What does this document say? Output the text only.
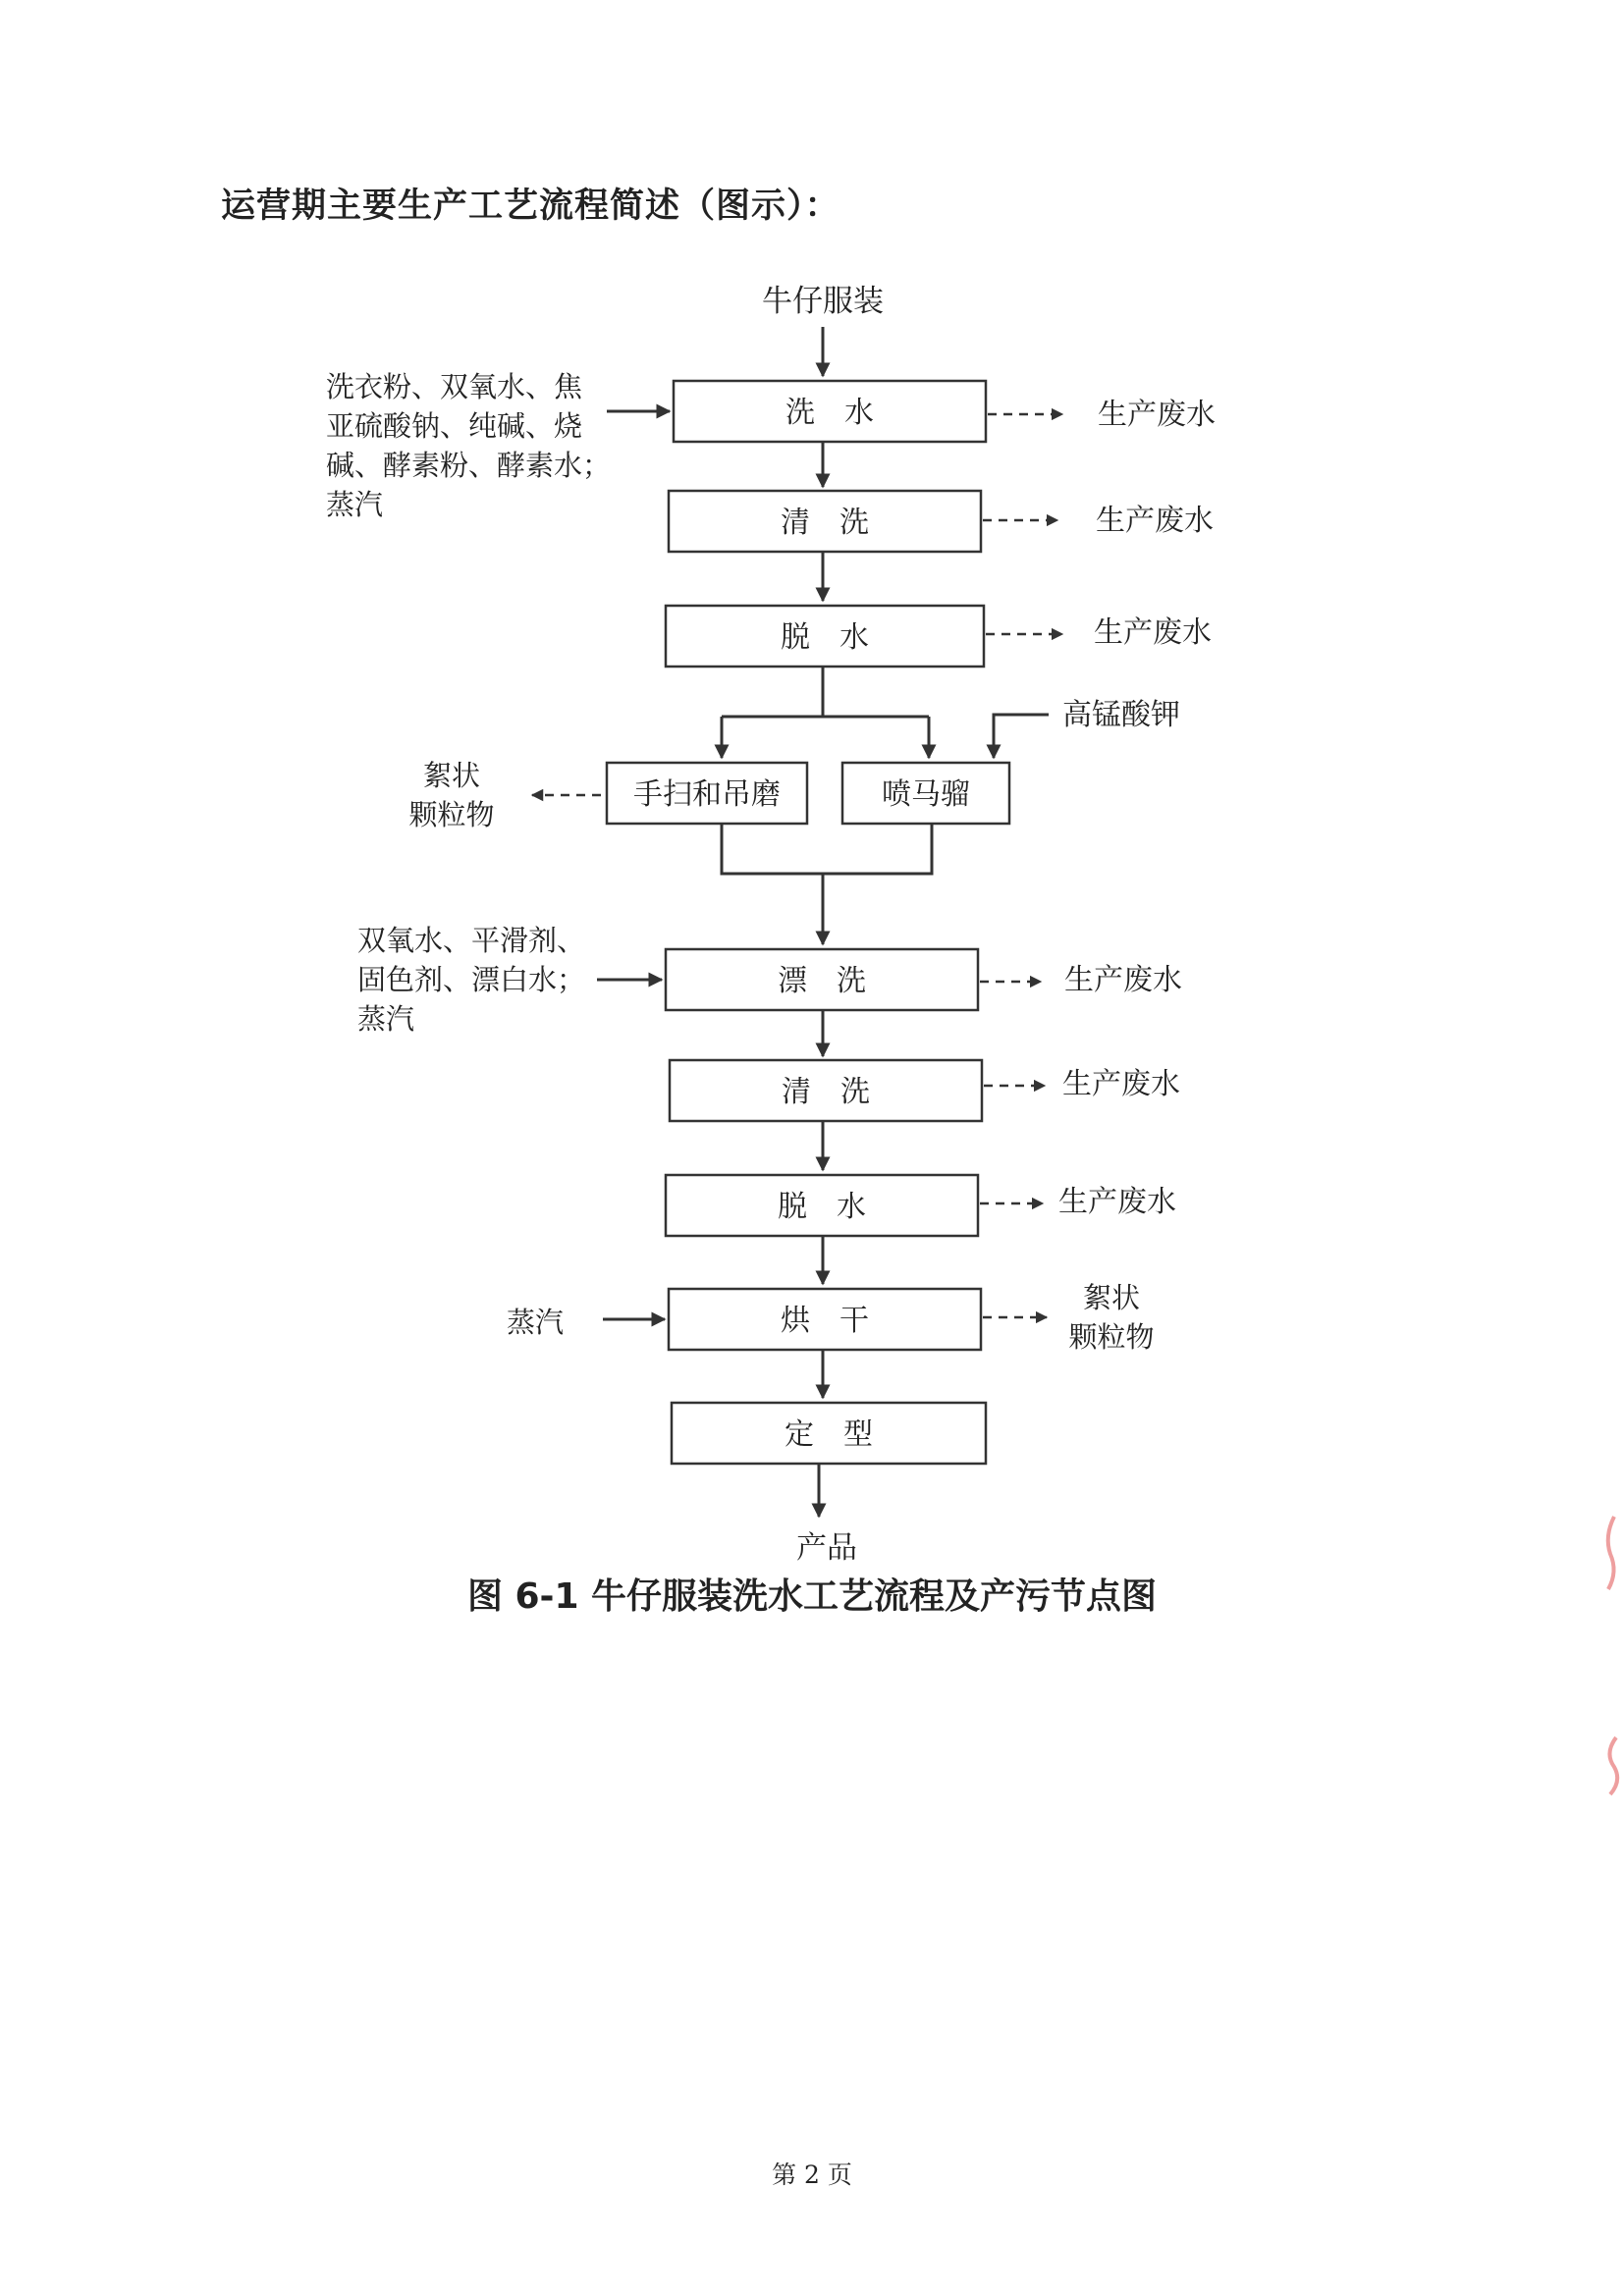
运营期主要生产工艺流程简述（图示）：
牛仔服装
洗　水
洗衣粉、双氧水、焦
亚硫酸钠、纯碱、烧
碱、酵素粉、酵素水；
蒸汽
生产废水
清　洗	生产废水
脱　水	生产废水
手扫和吊磨
絮状
颗粒物
喷马骝
高锰酸钾
漂　洗
双氧水、平滑剂、
固色剂、漂白水；
蒸汽
生产废水
清　洗	生产废水
脱　水	生产废水
烘　干
蒸汽
絮状
颗粒物
定　型
产品
图 6-1 牛仔服装洗水工艺流程及产污节点图
第 2 页
